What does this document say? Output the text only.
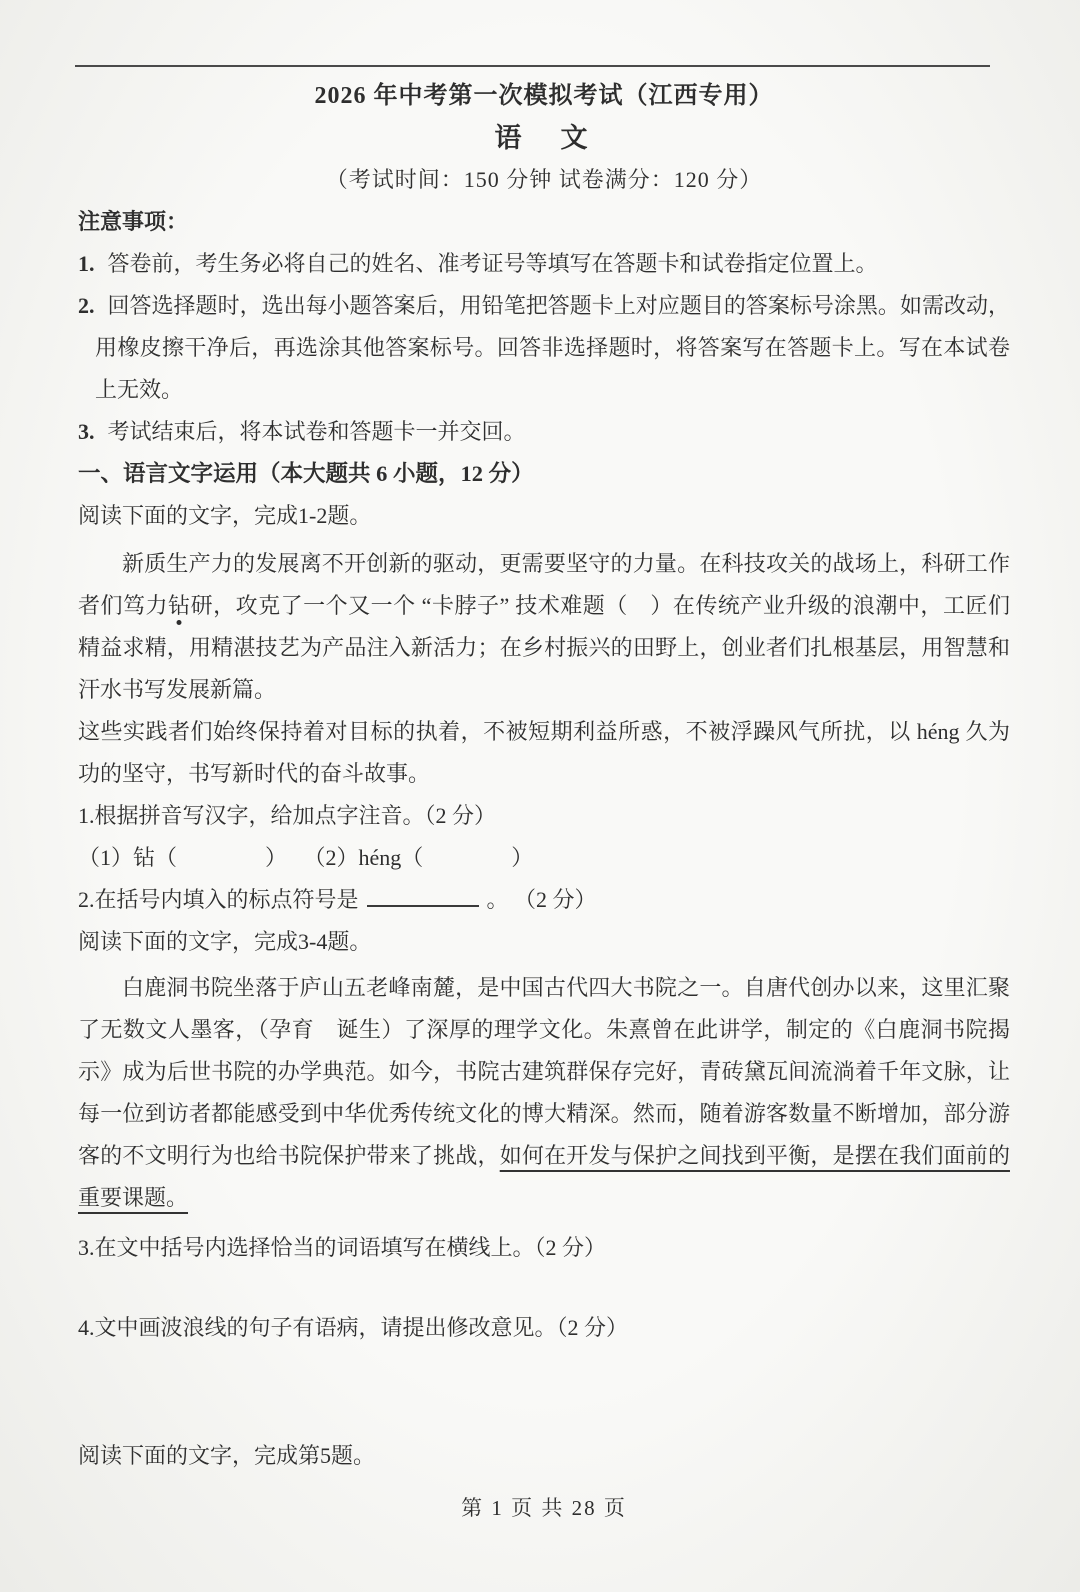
2026 年中考第一次模拟考试（江西专用）
语　文
（考试时间：150 分钟 试卷满分：120 分）
注意事项：
1. 答卷前，考生务必将自己的姓名、准考证号等填写在答题卡和试卷指定位置上。
2. 回答选择题时，选出每小题答案后，用铅笔把答题卡上对应题目的答案标号涂黑。如需改动，用橡皮擦干净后，再选涂其他答案标号。回答非选择题时，将答案写在答题卡上。写在本试卷上无效。
3. 考试结束后，将本试卷和答题卡一并交回。
一、语言文字运用（本大题共 6 小题，12 分）
阅读下面的文字，完成1-2题。

新质生产力的发展离不开创新的驱动，更需要坚守的力量。在科技攻关的战场上，科研工作者们笃力钻研，攻克了一个又一个 “卡脖子” 技术难题（　）在传统产业升级的浪潮中，工匠们精益求精，用精湛技艺为产品注入新活力；在乡村振兴的田野上，创业者们扎根基层，用智慧和汗水书写发展新篇。

这些实践者们始终保持着对目标的执着，不被短期利益所惑，不被浮躁风气所扰，以 héng 久为功的坚守，书写新时代的奋斗故事。

1.根据拼音写汉字，给加点字注音。（2 分）
（1）钻（　　　　）　 （2）héng（　　　　）
2.在括号内填入的标点符号是	。 （2 分）
阅读下面的文字，完成3-4题。

白鹿洞书院坐落于庐山五老峰南麓，是中国古代四大书院之一。自唐代创办以来，这里汇聚了无数文人墨客，（孕育　诞生）了深厚的理学文化。朱熹曾在此讲学，制定的《白鹿洞书院揭示》成为后世书院的办学典范。如今，书院古建筑群保存完好，青砖黛瓦间流淌着千年文脉，让每一位到访者都能感受到中华优秀传统文化的博大精深。然而，随着游客数量不断增加，部分游客的不文明行为也给书院保护带来了挑战，如何在开发与保护之间找到平衡，是摆在我们面前的重要课题。

3.在文中括号内选择恰当的词语填写在横线上。（2 分）
4.文中画波浪线的句子有语病，请提出修改意见。（2 分）
阅读下面的文字，完成第5题。
第 1 页 共 28 页
